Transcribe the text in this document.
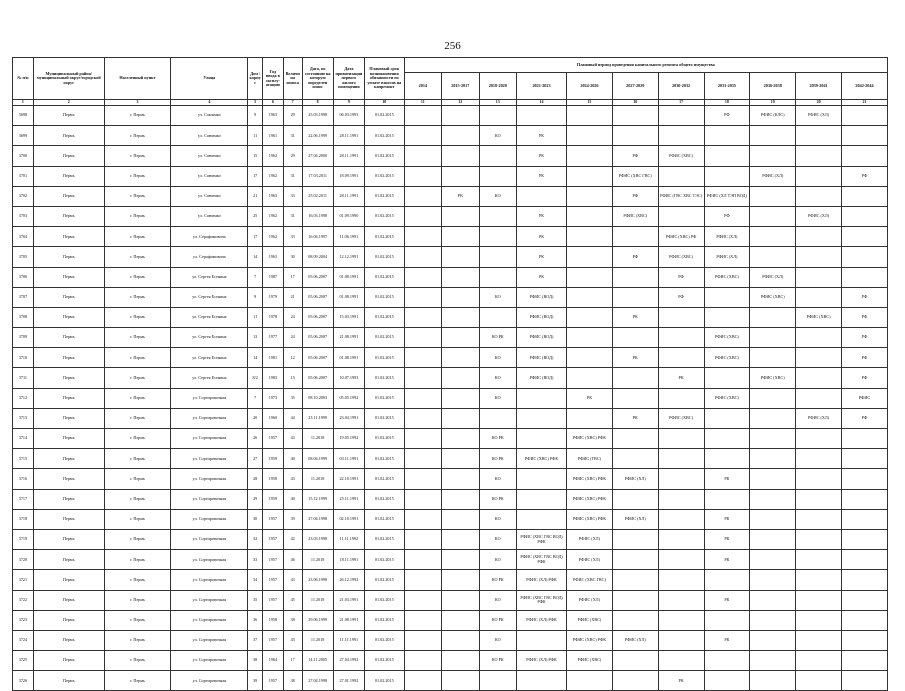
256
№ п/п	Муниципальный район/ муниципальный округ/городской округ	Населенный пункт	Улица	Дом / корпус	Год ввода в эксплу-атацию	Величина износа	Дата, по состоянию на которую определен износ	Дата приватизации первого жилого помещения	Плановый срок возникновения обязанности по уплате взносов на капремонт	Плановый период проведения капитального ремонта общего имущества										
										2014	2015-2017	2018-2020	2021-2023	2024-2026	2027-2029	2030-2032	2033-2035	2036-2038	2039-2041	2042-2044
1	2	3	4	5	6	7	8	9	10	11	12	13	14	15	16	17	18	19	20	21
3698	Пермь	г. Пермь	ул. Сакченко	9	1963	29	25.03.1998	06.03.1993	01.02.2015								РФ	РФИС (КЛС)	РФИС (ХЛ)	
3699	Пермь	г. Пермь	ул. Савченко	11	1961	31	22.06.1999	28.11.1991	01.02.2015			КО	РК							
3700	Пермь	г. Пермь	ул. Савченко	15	1962	29	27.04.2000	28.11.1991	01.02.2015				РК		РФ	РФИС (ХВС)				
3701	Пермь	г. Пермь	ул. Савченко	17	1962	31	17.03.2011	18.09.1991	01.02.2015				РК		РФИС (ХВС ГВС)			РФИС (ХЛ)		РФ
3702	Пермь	г. Пермь	ул. Савченко	21	1963	33	25.02.2011	28.11.1991	01.02.2015		РК	КО			РФ	РФИС (ГВС ХВС ТЭС)	РФИС (ХЛ ТЭП ВОД)			
3703	Пермь	г. Пермь	ул. Савченко	25	1962	31	16.03.1998	01.09.1990	01.02.2015				РК		РФИС (ХВС)		РФ		РФИС (ХЛ)	
3704	Пермь	г. Пермь	ул. Серафимовича	17	1962	33	16.04.1997	11.06.1991	01.02.2015				РК			РФИС (ХВС) РФ	РФИС (ХЛ)			
3705	Пермь	г. Пермь	ул. Серафимовича	14	1963	30	08.09.2004	12.12.1991	01.02.2015				РК		РФ	РФИС (ХВС)	РФИС (ХЛ)			
3706	Пермь	г. Пермь	ул. Сергея Есенина	7	1987	17	05.06.2007	01.08.1991	01.02.2015				РК			РФ	РФИС (ХВС)	РФИС (ХЛ)		
3707	Пермь	г. Пермь	ул. Сергея Есенина	9	1979	21	05.06.2007	01.08.1991	01.02.2015			КО	РФИС (ВОД)			РФ		РФИС (ХВС)		РФ
3708	Пермь	г. Пермь	ул. Сергея Есенина	11	1978	24	05.06.2007	15.03.1991	01.02.2015				РФИС (ВОД)		РК				РФИС (ХВС)	РФ
3709	Пермь	г. Пермь	ул. Сергея Есенина	13	1977	24	05.06.2007	21.08.1991	01.02.2015			КО РК	РФИС (ВОД)				РФИС (ХВС)			РФ
3710	Пермь	г. Пермь	ул. Сергея Есенина	14	1981	12	05.06.2007	01.08.1991	01.02.2015			КО	РФИС (ВОД)		РК		РФИС (ХВС)			РФ
3711	Пермь	г. Пермь	ул. Сергея Есенина	8/2	1983	15	05.06.2007	10.07.1993	01.02.2015			КО	РФИС (ВОД)			РК		РФИС (ХВС)		РФ
3712	Пермь	г. Пермь	ул. Сортировочная	7	1973	35	08.10.2003	05.05.1992	01.02.2015			КО		РК			РФИС (ХВС)			РФИС
3713	Пермь	г. Пермь	ул. Сортировочная	20	1960	44	23.11.1999	23.04.1991	01.02.2015						РК	РФИС (ХВС)			РФИС (ХЛ)	РФ
3714	Пермь	г. Пермь	ул. Сортировочная	26	1957	43	11.2018	19.05.1992	01.02.2015			КО РК		РФИС (ХВС) РФК						
3715	Пермь	г. Пермь	ул. Сортировочная	27	1959	40	08.04.1999	03.11.1991	01.02.2015			КО РК	РФИС (ХВС) РФК	РФИС (ГВС)						
3716	Пермь	г. Пермь	ул. Сортировочная	28	1958	43	11.2018	22.10.1991	01.02.2015			КО		РФИС (ХВС) РФК	РФИС (ХЛ)		РК			
3717	Пермь	г. Пермь	ул. Сортировочная	29	1959	40	15.12.1999	25.11.1991	01.02.2015			КО РК		РФИС (ХВС) РФК						
3718	Пермь	г. Пермь	ул. Сортировочная	30	1957	39	27.04.1998	02.10.1991	01.02.2015			КО		РФИС (ХВС) РФК	РФИС (ХЛ)		РК			
3719	Пермь	г. Пермь	ул. Сортировочная	32	1957	42	23.03.1998	11.11.1992	01.02.2015			КО	РФИС (ХВС ГВС ВОД) РФК	РФИС (ХЛ)			РК			
3720	Пермь	г. Пермь	ул. Сортировочная	33	1957	46	11.2018	18.11.1991	01.02.2015			КО	РФИС (ХВС ГВС ВОД) РФК	РФИС (ХЛ)			РК			
3721	Пермь	г. Пермь	ул. Сортировочная	34	1957	43	23.06.1998	26.12.1992	01.02.2015			КО РК	РФИС (ХЛ) РФК	РФИС (ХВС ГВС)						
3722	Пермь	г. Пермь	ул. Сортировочная	35	1957	45	11.2018	21.03.1991	01.02.2015			КО	РФИС (ХВС ГВС ВОД) РФК	РФИС (ХЛ)			РК			
3723	Пермь	г. Пермь	ул. Сортировочная	36	1958	38	29.06.1999	21.08.1991	01.02.2015			КО РК	РФИС (ХЛ) РФК	РФИС (ХВС)						
3724	Пермь	г. Пермь	ул. Сортировочная	37	1957	43	11.2018	11.11.1991	01.02.2015			КО		РФИС (ХВС) РФК	РФИС (ХЛ)		РК			
3725	Пермь	г. Пермь	ул. Сортировочная	38	1964	17	14.11.2005	27.04.1992	01.02.2015			КО РК	РФИС (ХЛ) РФК	РФИС (ХВС)						
3726	Пермь	г. Пермь	ул. Сортировочная	39	1957	38	27.04.1998	27.01.1992	01.02.2015							РК				
